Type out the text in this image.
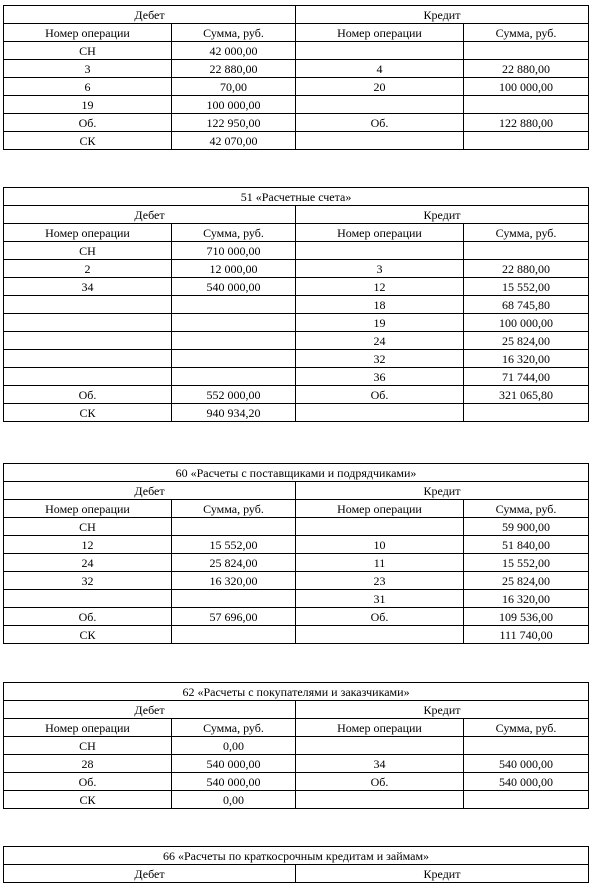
Дебет		Кредит	
Номер операции	Сумма, руб.	Номер операции	Сумма, руб.
СН	42 000,00		
3	22 880,00	4	22 880,00
6	70,00	20	100 000,00
19	100 000,00		
Об.	122 950,00	Об.	122 880,00
СК	42 070,00		
51 «Расчетные счета»			
Дебет		Кредит	
Номер операции	Сумма, руб.	Номер операции	Сумма, руб.
СН	710 000,00		
2	12 000,00	3	22 880,00
34	540 000,00	12	15 552,00
		18	68 745,80
		19	100 000,00
		24	25 824,00
		32	16 320,00
		36	71 744,00
Об.	552 000,00	Об.	321 065,80
СК	940 934,20		
60 «Расчеты с поставщиками и подрядчиками»			
Дебет		Кредит	
Номер операции	Сумма, руб.	Номер операции	Сумма, руб.
СН			59 900,00
12	15 552,00	10	51 840,00
24	25 824,00	11	15 552,00
32	16 320,00	23	25 824,00
		31	16 320,00
Об.	57 696,00	Об.	109 536,00
СК			111 740,00
62 «Расчеты с покупателями и заказчиками»			
Дебет		Кредит	
Номер операции	Сумма, руб.	Номер операции	Сумма, руб.
СН	0,00		
28	540 000,00	34	540 000,00
Об.	540 000,00	Об.	540 000,00
СК	0,00		
66 «Расчеты по краткосрочным кредитам и займам»
Дебет	Кредит
